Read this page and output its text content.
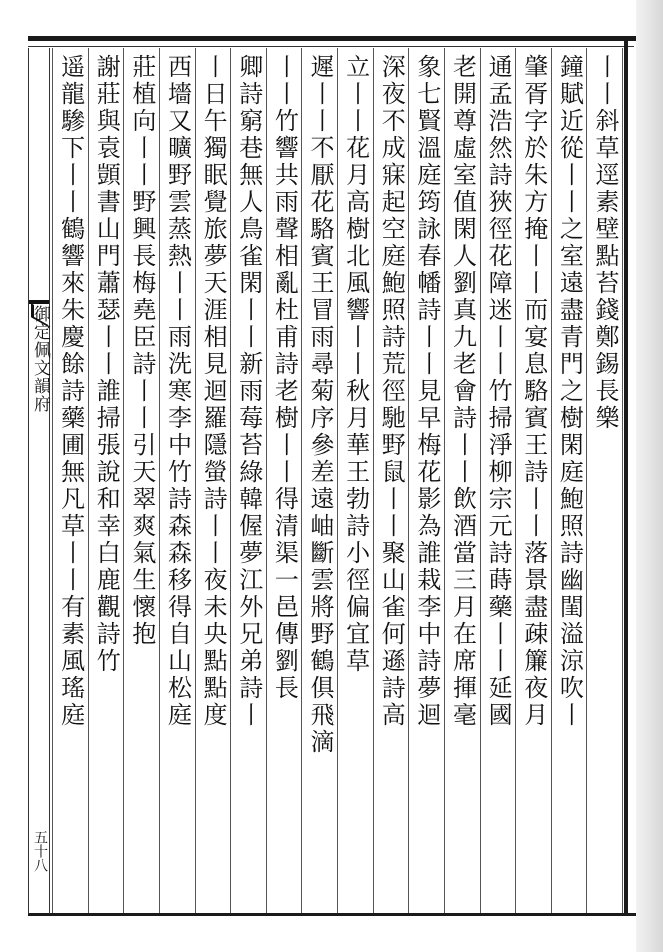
御定佩文韻府
五十八
丨丨斜草逕素壁點苔錢鄭錫長樂
鐘賦近從丨丨之室遠盡青門之樹閑庭鮑照詩幽閨溢涼吹丨
肇胥字於朱方掩丨丨而宴息駱賓王詩丨丨落景盡疎簾夜月
通孟浩然詩狹徑花障迷丨丨竹掃淨柳宗元詩蒔藥丨丨延國
老開尊虛室值閑人劉真九老會詩丨丨飲酒當三月在席揮毫
象七賢溫庭筠詠春幡詩丨丨見早梅花影為誰栽李中詩夢迴
深夜不成寐起空庭鮑照詩荒徑馳野鼠丨丨聚山雀何遜詩高
立丨丨花月高樹北風響丨丨秋月華王勃詩小徑偏宜草
遲丨丨不厭花駱賓王冒雨尋菊序參差遠岫斷雲將野鶴俱飛滴
丨丨竹響共雨聲相亂杜甫詩老樹丨丨得清渠一邑傳劉長
卿詩窮巷無人鳥雀閑丨丨新雨莓苔綠韓偓夢江外兄弟詩丨
丨日午獨眠覺旅夢天涯相見迴羅隱螢詩丨丨夜未央點點度
西墻又曠野雲蒸熱丨丨雨洗寒李中竹詩森森移得自山松庭
莊植向丨丨野興長梅堯臣詩丨丨引天翠爽氣生懷抱
謝莊與袁顗書山門蕭瑟丨丨誰掃張說和幸白鹿觀詩竹
遥龍驂下丨丨鶴響來朱慶餘詩藥圃無凡草丨丨有素風瑤庭
